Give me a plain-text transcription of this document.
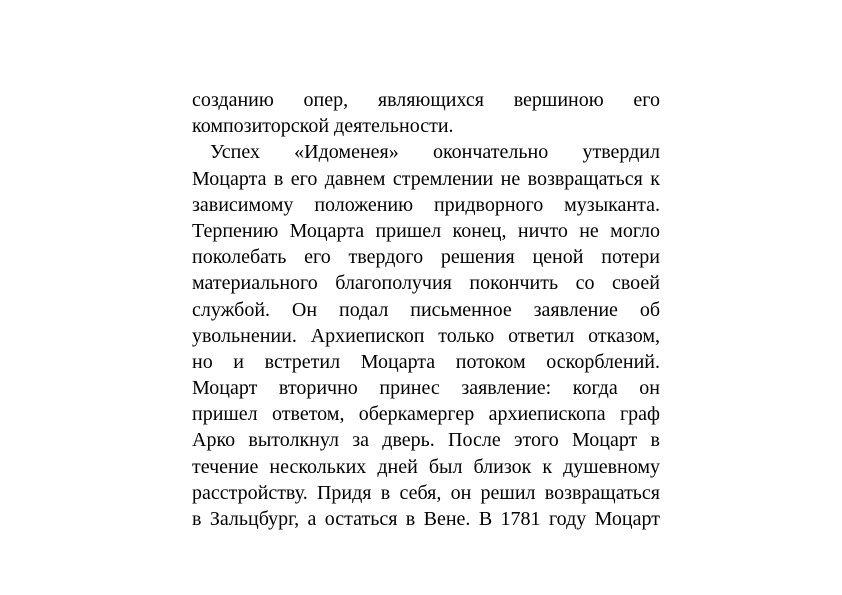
созданию опер, являющихся вершиною его
композиторской деятельности.
Успех «Идоменея» окончательно утвердил
Моцарта в его давнем стремлении не возвращаться к
зависимому положению придворного музыканта.
Терпению Моцарта пришел конец, ничто не могло
поколебать его твердого решения ценой потери
материального благополучия покончить со своей
службой. Он подал письменное заявление об
увольнении. Архиепископ только ответил отказом,
но и встретил Моцарта потоком оскорблений.
Моцарт вторично принес заявление: когда он
пришел ответом, оберкамергер архиепископа граф
Арко вытолкнул за дверь. После этого Моцарт в
течение нескольких дней был близок к душевному
расстройству. Придя в себя, он решил возвращаться
в Зальцбург, а остаться в Вене. В 1781 году Моцарт
